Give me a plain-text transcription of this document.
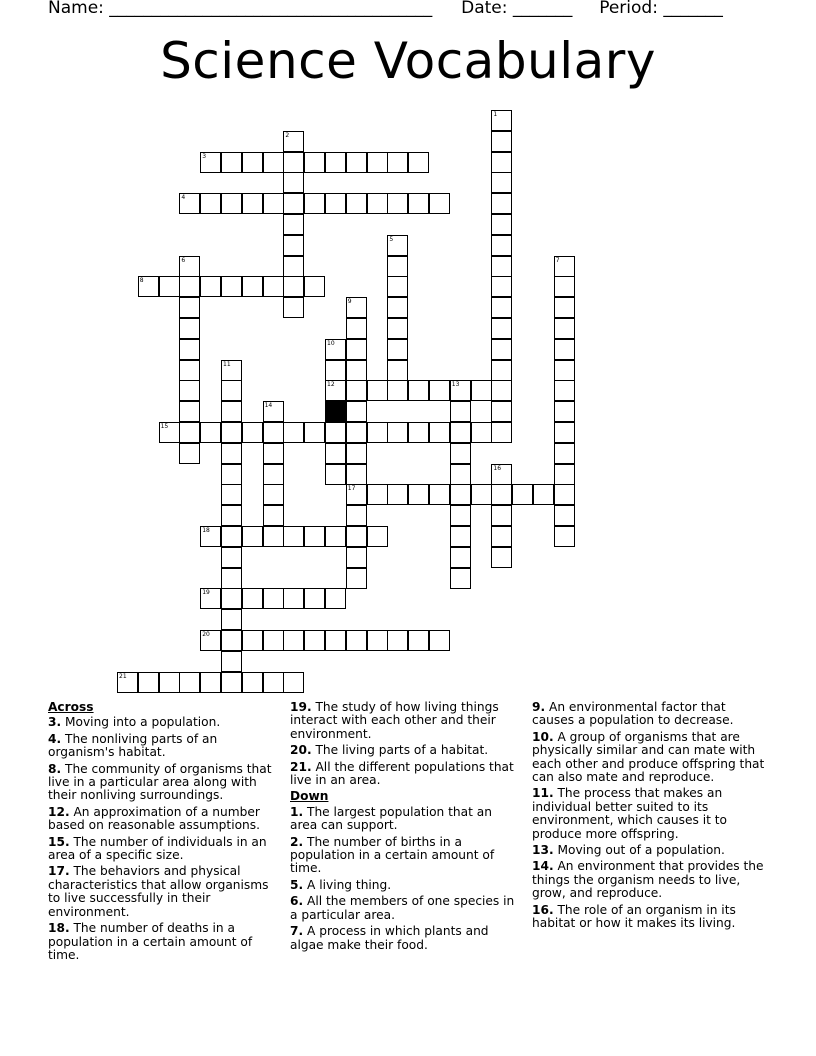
Name: ______________________________________ Date: _______ Period: _______
Science Vocabulary
1
2
3
4
5
6	7
8
9
17
10
12
11
13
14
15
16
18
19
20
21
Across
3. Moving into a population.
4. The nonliving parts of an organism's habitat.
8. The community of organisms that live in a particular area along with their nonliving surroundings.
12. An approximation of a number based on reasonable assumptions.
15. The number of individuals in an area of a specific size.
17. The behaviors and physical characteristics that allow organisms to live successfully in their environment.
18. The number of deaths in a population in a certain amount of time.
19. The study of how living things interact with each other and their environment.
20. The living parts of a habitat.
21. All the different populations that live in an area.
Down
1. The largest population that an area can support.
2. The number of births in a population in a certain amount of time.
5. A living thing.
6. All the members of one species in a particular area.
7. A process in which plants and algae make their food.
9. An environmental factor that causes a population to decrease.
10. A group of organisms that are physically similar and can mate with each other and produce offspring that can also mate and reproduce.
11. The process that makes an individual better suited to its environment, which causes it to produce more offspring.
13. Moving out of a population.
14. An environment that provides the things the organism needs to live, grow, and reproduce.
16. The role of an organism in its habitat or how it makes its living.
